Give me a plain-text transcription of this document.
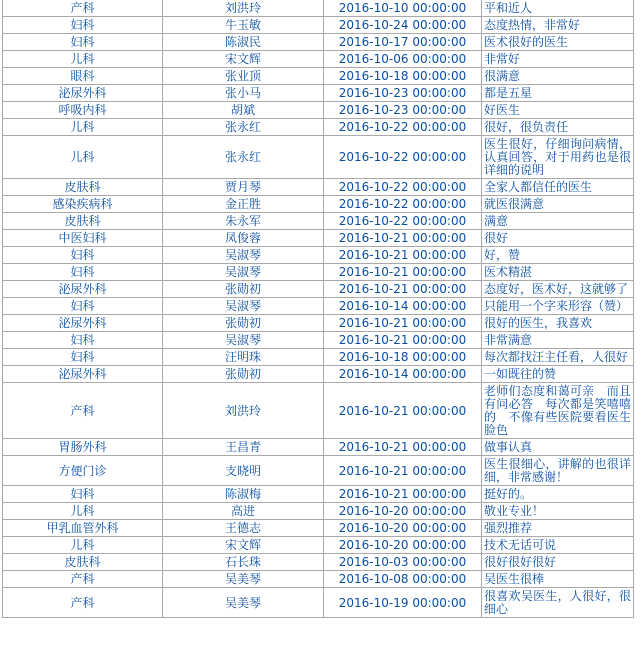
产科	刘洪玲	2016-10-10 00:00:00	平和近人
妇科	牛玉敏	2016-10-24 00:00:00	态度热情，非常好
妇科	陈淑民	2016-10-17 00:00:00	医术很好的医生
儿科	宋文辉	2016-10-06 00:00:00	非常好
眼科	张业顶	2016-10-18 00:00:00	很满意
泌尿外科	张小马	2016-10-23 00:00:00	都是五星
呼吸内科	胡斌	2016-10-23 00:00:00	好医生
儿科	张永红	2016-10-22 00:00:00	很好，很负责任
儿科	张永红	2016-10-22 00:00:00	医生很好，仔细询问病情，认真回答，对于用药也是很详细的说明
皮肤科	贾月琴	2016-10-22 00:00:00	全家人都信任的医生
感染疾病科	金正胜	2016-10-22 00:00:00	就医很满意
皮肤科	朱永军	2016-10-22 00:00:00	满意
中医妇科	凤俊蓉	2016-10-21 00:00:00	很好
妇科	吴淑琴	2016-10-21 00:00:00	好，赞
妇科	吴淑琴	2016-10-21 00:00:00	医术精湛
泌尿外科	张勋初	2016-10-21 00:00:00	态度好，医术好，这就够了
妇科	吴淑琴	2016-10-14 00:00:00	只能用一个字来形容（赞）
泌尿外科	张勋初	2016-10-21 00:00:00	很好的医生，我喜欢
妇科	吴淑琴	2016-10-21 00:00:00	非常满意
妇科	汪明珠	2016-10-18 00:00:00	每次都找汪主任看，人很好
泌尿外科	张勋初	2016-10-14 00:00:00	一如既往的赞
产科	刘洪玲	2016-10-21 00:00:00	老师们态度和蔼可亲　而且有问必答　每次都是笑嘻嘻的　不像有些医院要看医生脸色
胃肠外科	王昌青	2016-10-21 00:00:00	做事认真
方便门诊	支晓明	2016-10-21 00:00:00	医生很细心，讲解的也很详细，非常感谢！
妇科	陈淑梅	2016-10-21 00:00:00	挺好的。
儿科	高进	2016-10-20 00:00:00	敬业专业！
甲乳血管外科	王德志	2016-10-20 00:00:00	强烈推荐
儿科	宋文辉	2016-10-20 00:00:00	技术无话可说
皮肤科	石长珠	2016-10-03 00:00:00	很好很好很好
产科	吴美琴	2016-10-08 00:00:00	吴医生很棒
产科	吴美琴	2016-10-19 00:00:00	很喜欢吴医生，人很好，很细心
